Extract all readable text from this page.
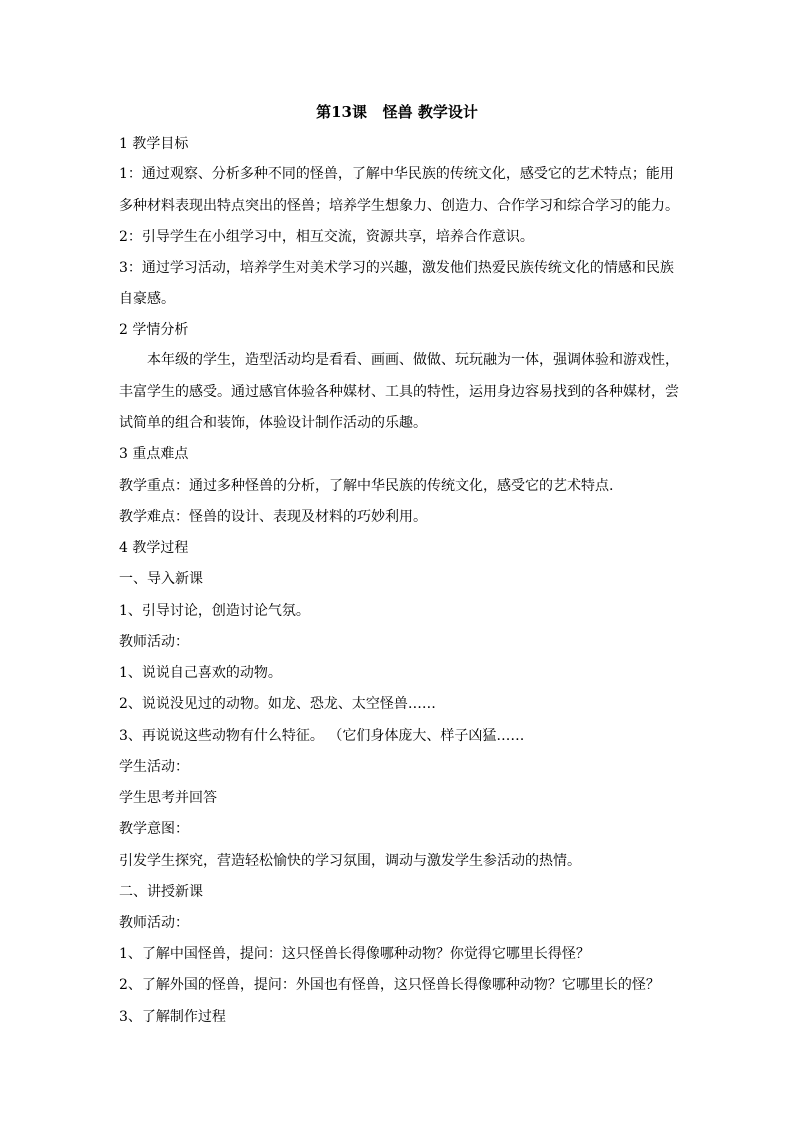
第13课   怪兽 教学设计
1 教学目标
1：通过观察、分析多种不同的怪兽，了解中华民族的传统文化，感受它的艺术特点；能用
多种材料表现出特点突出的怪兽；培养学生想象力、创造力、合作学习和综合学习的能力。
2：引导学生在小组学习中，相互交流，资源共享，培养合作意识。
3：通过学习活动，培养学生对美术学习的兴趣，激发他们热爱民族传统文化的情感和民族
自豪感。
2 学情分析
本年级的学生，造型活动均是看看、画画、做做、玩玩融为一体，强调体验和游戏性，
丰富学生的感受。通过感官体验各种媒材、工具的特性，运用身边容易找到的各种媒材，尝
试简单的组合和装饰，体验设计制作活动的乐趣。
3 重点难点
教学重点：通过多种怪兽的分析，了解中华民族的传统文化，感受它的艺术特点.
教学难点：怪兽的设计、表现及材料的巧妙利用。
4 教学过程
一、导入新课
1、引导讨论，创造讨论气氛。
教师活动：
1、说说自己喜欢的动物。
2、说说没见过的动物。如龙、恐龙、太空怪兽……
3、再说说这些动物有什么特征。 （它们身体庞大、样子凶猛……
学生活动：
学生思考并回答
教学意图：
引发学生探究，营造轻松愉快的学习氛围，调动与激发学生参活动的热情。
二、讲授新课
教师活动：
1、了解中国怪兽，提问：这只怪兽长得像哪种动物？你觉得它哪里长得怪？
2、了解外国的怪兽，提问：外国也有怪兽，这只怪兽长得像哪种动物？它哪里长的怪？
3、了解制作过程
